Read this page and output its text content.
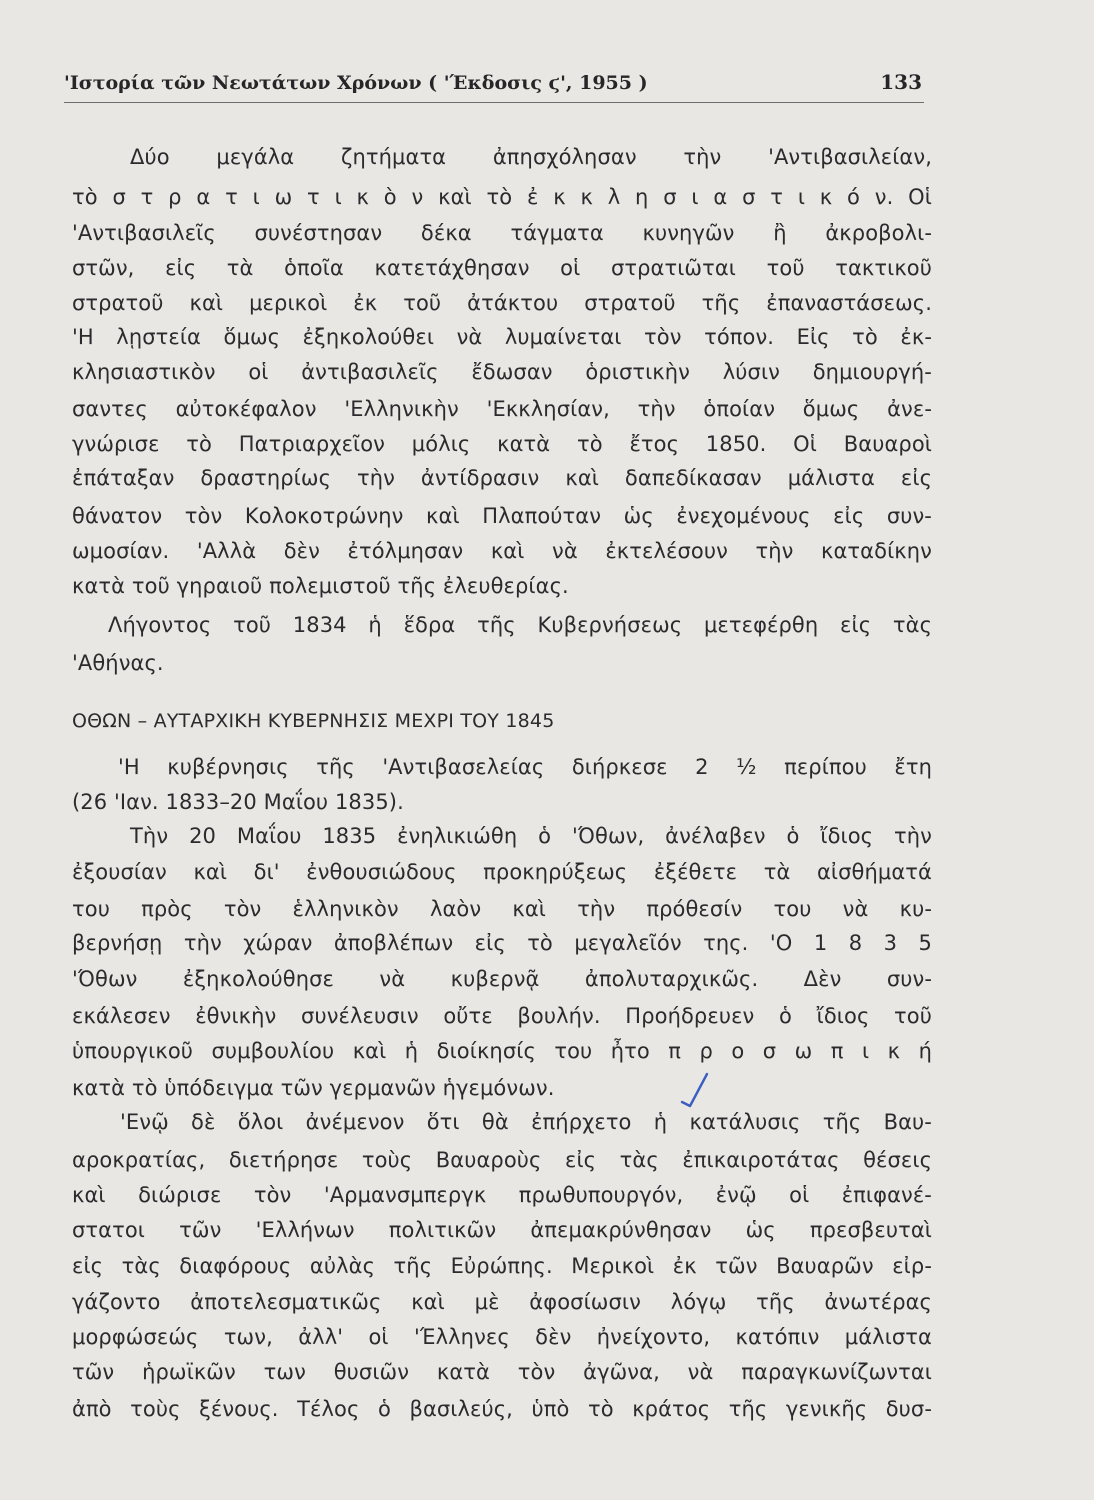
'Ιστορία τῶν Νεωτάτων Χρόνων ( 'Έκδοσις ϛ', 1955 )	133
Δύο μεγάλα ζητήματα ἀπησχόλησαν τὴν 'Αντιβασιλείαν,
τὸ σ τ ρ α τ ι ω τ ι κ ὸ ν καὶ τὸ ἐ κ κ λ η σ ι α σ τ ι κ ό ν. Οἱ
'Αντιβασιλεῖς συνέστησαν δέκα τάγματα κυνηγῶν ἢ ἀκροβολι-
στῶν, εἰς τὰ ὁποῖα κατετάχθησαν οἱ στρατιῶται τοῦ τακτικοῦ
στρατοῦ καὶ μερικοὶ ἐκ τοῦ ἀτάκτου στρατοῦ τῆς ἐπαναστάσεως.
'Η λῃστεία ὅμως ἐξηκολούθει νὰ λυμαίνεται τὸν τόπον. Εἰς τὸ ἐκ-
κλησιαστικὸν οἱ ἀντιβασιλεῖς ἔδωσαν ὁριστικὴν λύσιν δημιουργή-
σαντες αὐτοκέφαλον 'Ελληνικὴν 'Εκκλησίαν, τὴν ὁποίαν ὅμως ἀνε-
γνώρισε τὸ Πατριαρχεῖον μόλις κατὰ τὸ ἔτος 1850. Οἱ Βαυαροὶ
ἐπάταξαν δραστηρίως τὴν ἀντίδρασιν καὶ δαπεδίκασαν μάλιστα εἰς
θάνατον τὸν Κολοκοτρώνην καὶ Πλαπούταν ὡς ἐνεχομένους εἰς συν-
ωμοσίαν. 'Αλλὰ δὲν ἐτόλμησαν καὶ νὰ ἐκτελέσουν τὴν καταδίκην
κατὰ τοῦ γηραιοῦ πολεμιστοῦ τῆς ἐλευθερίας.
Λήγοντος τοῦ 1834 ἡ ἕδρα τῆς Κυβερνήσεως μετεφέρθη εἰς τὰς
'Αθήνας.
ΟΘΩΝ – ΑΥΤΑΡΧΙΚΗ ΚΥΒΕΡΝΗΣΙΣ ΜΕΧΡΙ ΤΟΥ 1845
'Η κυβέρνησις τῆς 'Αντιβασελείας διήρκεσε 2 ½ περίπου ἔτη
(26 'Ιαν. 1833–20 Μαΐου 1835).
Τὴν 20 Μαΐου 1835 ἐνηλικιώθη ὁ 'Όθων, ἀνέλαβεν ὁ ἴδιος τὴν
ἐξουσίαν καὶ δι' ἐνθουσιώδους προκηρύξεως ἐξέθετε τὰ αἰσθήματά
του πρὸς τὸν ἑλληνικὸν λαὸν καὶ τὴν πρόθεσίν του νὰ κυ-
βερνήσῃ τὴν χώραν ἀποβλέπων εἰς τὸ μεγαλεῖόν της. 'Ο 1 8 3 5
'Όθων ἐξηκολούθησε νὰ κυβερνᾷ ἀπολυταρχικῶς. Δὲν συν-
εκάλεσεν ἐθνικὴν συνέλευσιν οὔτε βουλήν. Προήδρευεν ὁ ἴδιος τοῦ
ὑπουργικοῦ συμβουλίου καὶ ἡ διοίκησίς του ἦτο π ρ ο σ ω π ι κ ή
κατὰ τὸ ὑπόδειγμα τῶν γερμανῶν ἡγεμόνων.
'Ενῷ δὲ ὅλοι ἀνέμενον ὅτι θὰ ἐπήρχετο ἡ κατάλυσις τῆς Βαυ-
αροκρατίας, διετήρησε τοὺς Βαυαροὺς εἰς τὰς ἐπικαιροτάτας θέσεις
καὶ διώρισε τὸν 'Αρμανσμπεργκ πρωθυπουργόν, ἐνῷ οἱ ἐπιφανέ-
στατοι τῶν 'Ελλήνων πολιτικῶν ἀπεμακρύνθησαν ὡς πρεσβευταὶ
εἰς τὰς διαφόρους αὐλὰς τῆς Εὐρώπης. Μερικοὶ ἐκ τῶν Βαυαρῶν εἰρ-
γάζοντο ἀποτελεσματικῶς καὶ μὲ ἀφοσίωσιν λόγῳ τῆς ἀνωτέρας
μορφώσεώς των, ἀλλ' οἱ 'Έλληνες δὲν ἠνείχοντο, κατόπιν μάλιστα
τῶν ἡρωϊκῶν των θυσιῶν κατὰ τὸν ἀγῶνα, νὰ παραγκωνίζωνται
ἀπὸ τοὺς ξένους. Τέλος ὁ βασιλεύς, ὑπὸ τὸ κράτος τῆς γενικῆς δυσ-
